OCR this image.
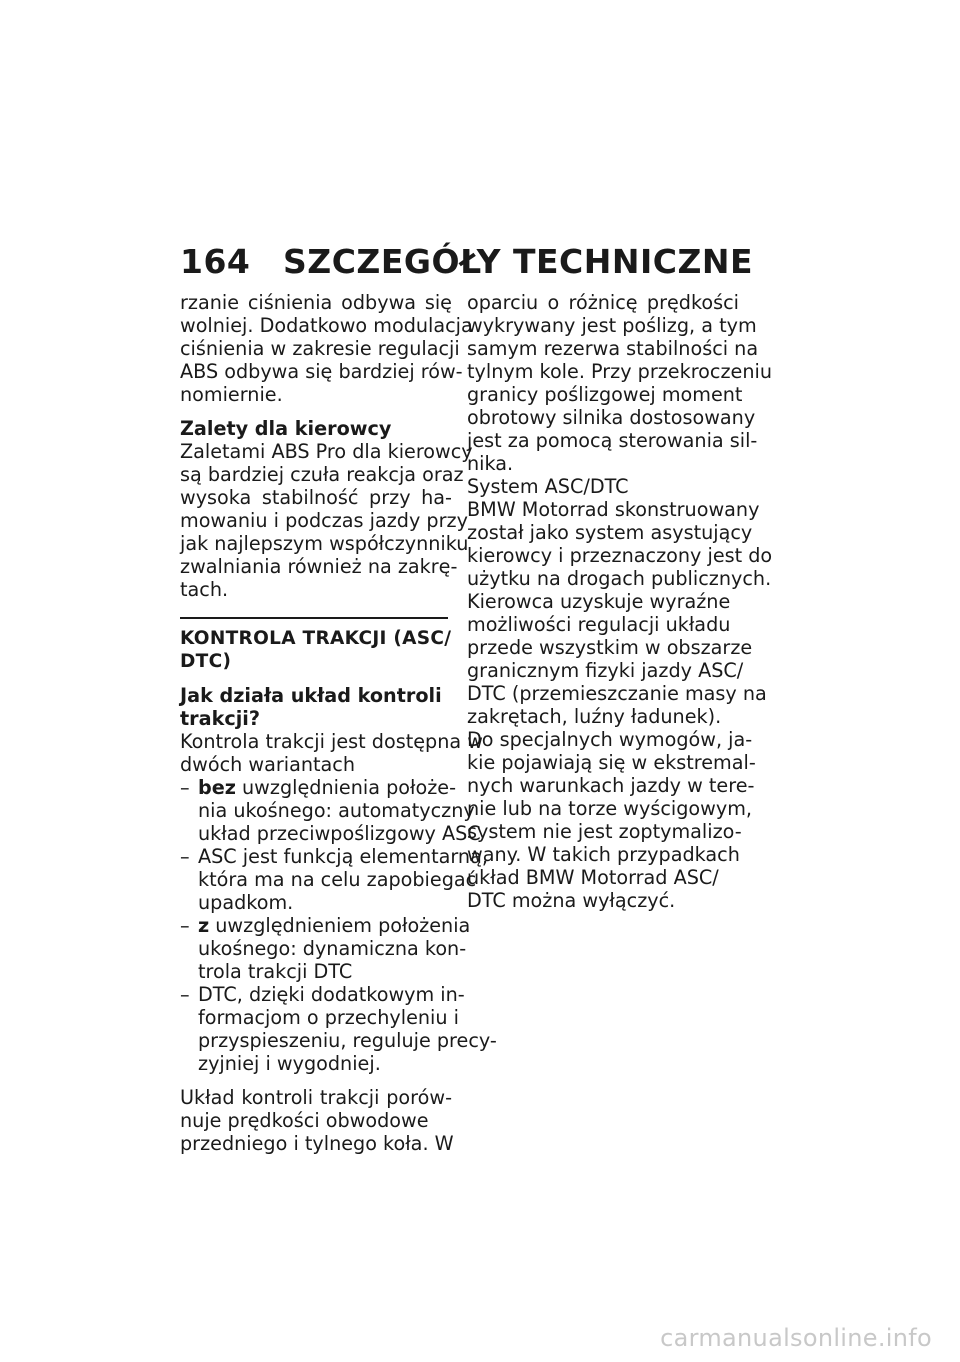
164 SZCZEGÓŁY TECHNICZNE
rzanie ciśnienia odbywa się
wolniej. Dodatkowo modulacja
ciśnienia w zakresie regulacji
ABS odbywa się bardziej rów-
nomiernie.
Zalety dla kierowcy
Zaletami ABS Pro dla kierowcy
są bardziej czuła reakcja oraz
wysoka stabilność przy ha-
mowaniu i podczas jazdy przy
jak najlepszym współczynniku
zwalniania również na zakrę-
tach.
KONTROLA TRAKCJI (ASC/
DTC)
Jak działa układ kontroli
trakcji?
Kontrola trakcji jest dostępna w
dwóch wariantach
– bez uwzględnienia położe-
nia ukośnego: automatyczny
układ przeciwpoślizgowy ASC
– ASC jest funkcją elementarną,
która ma na celu zapobiegać
upadkom.
– z uwzględnieniem położenia
ukośnego: dynamiczna kon-
trola trakcji DTC
– DTC, dzięki dodatkowym in-
formacjom o przechyleniu i
przyspieszeniu, reguluje precy-
zyjniej i wygodniej.
Układ kontroli trakcji porów-
nuje prędkości obwodowe
przedniego i tylnego koła. W
oparciu o różnicę prędkości
wykrywany jest poślizg, a tym
samym rezerwa stabilności na
tylnym kole. Przy przekroczeniu
granicy poślizgowej moment
obrotowy silnika dostosowany
jest za pomocą sterowania sil-
nika.
System ASC/DTC
BMW Motorrad skonstruowany
został jako system asystujący
kierowcy i przeznaczony jest do
użytku na drogach publicznych.
Kierowca uzyskuje wyraźne
możliwości regulacji układu
przede wszystkim w obszarze
granicznym fizyki jazdy ASC/
DTC (przemieszczanie masy na
zakrętach, luźny ładunek).
Do specjalnych wymogów, ja-
kie pojawiają się w ekstremal-
nych warunkach jazdy w tere-
nie lub na torze wyścigowym,
system nie jest zoptymalizo-
wany. W takich przypadkach
układ BMW Motorrad ASC/
DTC można wyłączyć.
carmanualsonline.info
